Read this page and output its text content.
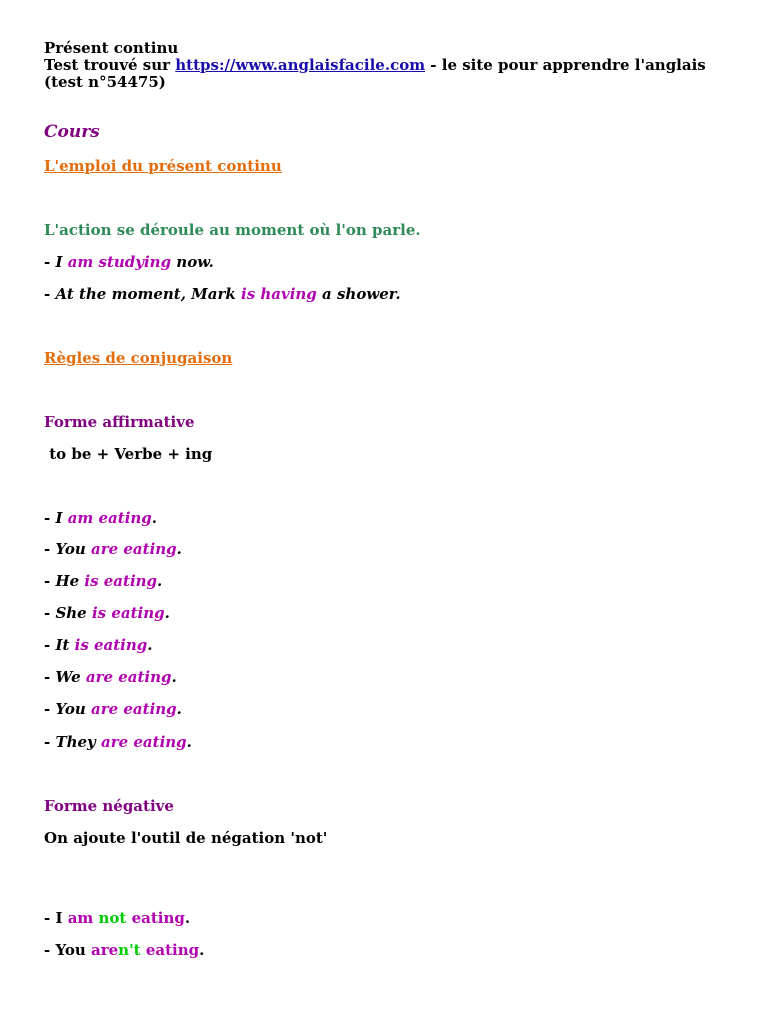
Présent continu
Test trouvé sur https://www.anglaisfacile.com - le site pour apprendre l'anglais (test n°54475)
Cours
L'emploi du présent continu
L'action se déroule au moment où l'on parle.
- I am studying now.
- At the moment, Mark is having a shower.
Règles de conjugaison
Forme affirmative
to be + Verbe + ing
- I am eating.
- You are eating.
- He is eating.
- She is eating.
- It is eating.
- We are eating.
- You are eating.
- They are eating.
Forme négative
On ajoute l'outil de négation 'not'
- I am not eating.
- You aren't eating.
